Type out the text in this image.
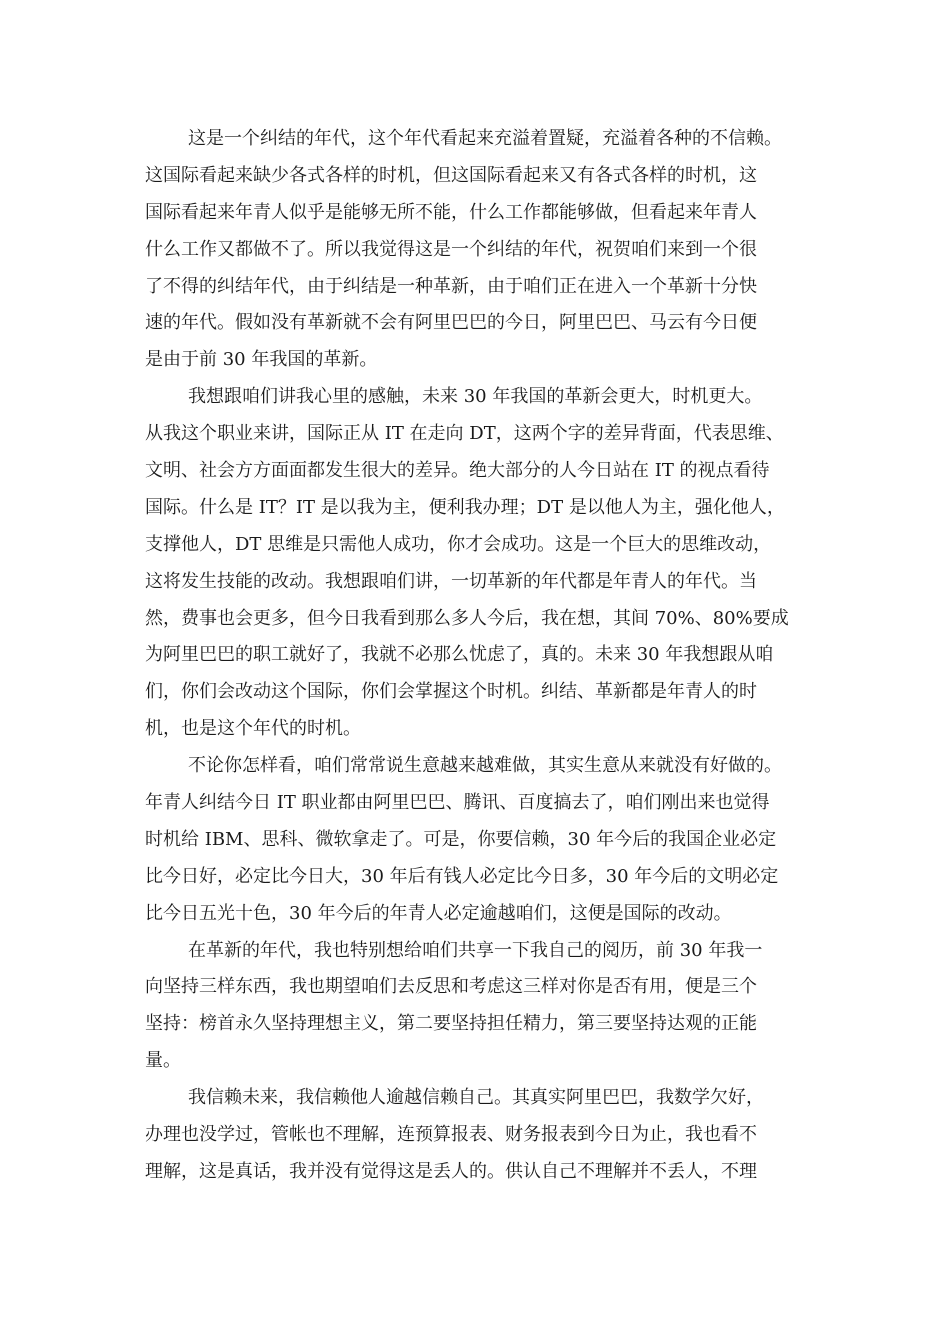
这是一个纠结的年代，这个年代看起来充溢着置疑，充溢着各种的不信赖。
这国际看起来缺少各式各样的时机，但这国际看起来又有各式各样的时机，这
国际看起来年青人似乎是能够无所不能，什么工作都能够做，但看起来年青人
什么工作又都做不了。所以我觉得这是一个纠结的年代，祝贺咱们来到一个很
了不得的纠结年代，由于纠结是一种革新，由于咱们正在进入一个革新十分快
速的年代。假如没有革新就不会有阿里巴巴的今日，阿里巴巴、马云有今日便
是由于前 30 年我国的革新。
我想跟咱们讲我心里的感触，未来 30 年我国的革新会更大，时机更大。
从我这个职业来讲，国际正从 IT 在走向 DT，这两个字的差异背面，代表思维、
文明、社会方方面面都发生很大的差异。绝大部分的人今日站在 IT 的视点看待
国际。什么是 IT？IT 是以我为主，便利我办理；DT 是以他人为主，强化他人，
支撑他人，DT 思维是只需他人成功，你才会成功。这是一个巨大的思维改动，
这将发生技能的改动。我想跟咱们讲，一切革新的年代都是年青人的年代。当
然，费事也会更多，但今日我看到那么多人今后，我在想，其间 70%、80%要成
为阿里巴巴的职工就好了，我就不必那么忧虑了，真的。未来 30 年我想跟从咱
们，你们会改动这个国际，你们会掌握这个时机。纠结、革新都是年青人的时
机，也是这个年代的时机。
不论你怎样看，咱们常常说生意越来越难做，其实生意从来就没有好做的。
年青人纠结今日 IT 职业都由阿里巴巴、腾讯、百度搞去了，咱们刚出来也觉得
时机给 IBM、思科、微软拿走了。可是，你要信赖，30 年今后的我国企业必定
比今日好，必定比今日大，30 年后有钱人必定比今日多，30 年今后的文明必定
比今日五光十色，30 年今后的年青人必定逾越咱们，这便是国际的改动。
在革新的年代，我也特别想给咱们共享一下我自己的阅历，前 30 年我一
向坚持三样东西，我也期望咱们去反思和考虑这三样对你是否有用，便是三个
坚持：榜首永久坚持理想主义，第二要坚持担任精力，第三要坚持达观的正能
量。
我信赖未来，我信赖他人逾越信赖自己。其真实阿里巴巴，我数学欠好，
办理也没学过，管帐也不理解，连预算报表、财务报表到今日为止，我也看不
理解，这是真话，我并没有觉得这是丢人的。供认自己不理解并不丢人，不理
